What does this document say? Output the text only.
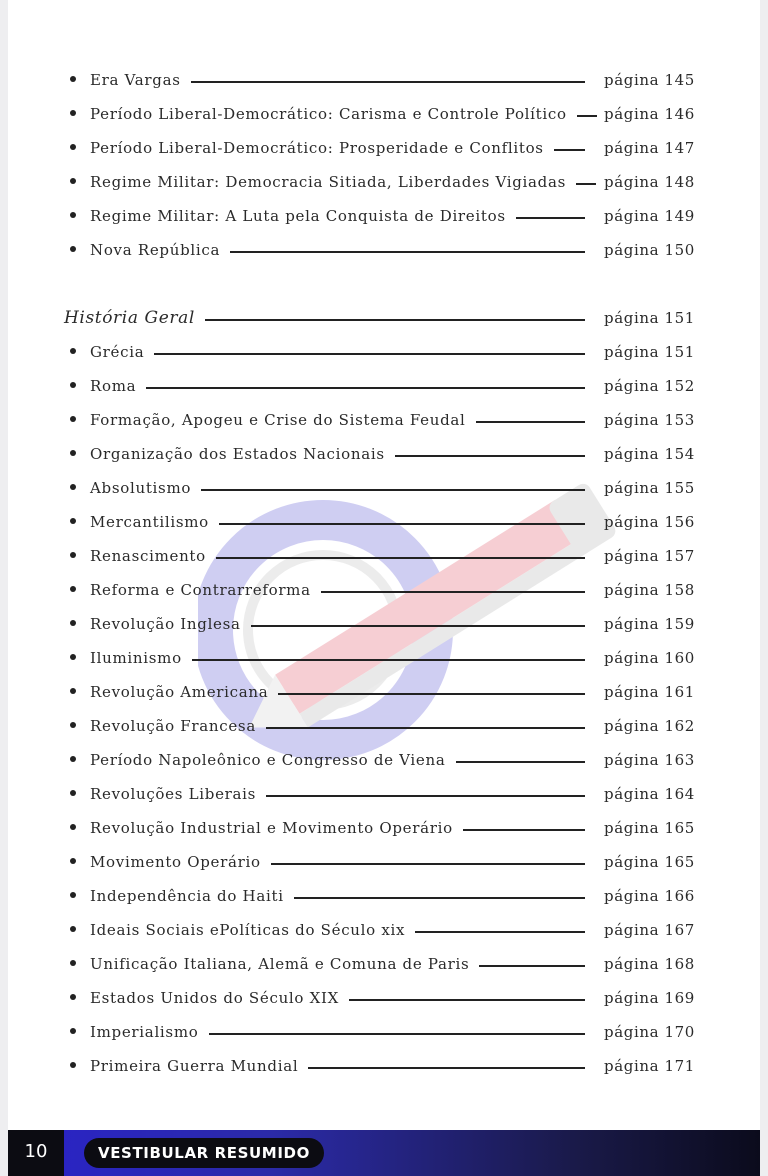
Era Vargas	página 145
Período Liberal-Democrático: Carisma e Controle Político página 146
Período Liberal-Democrático: Prosperidade e Conflitos	página 147
Regime Militar: Democracia Sitiada, Liberdades Vigiadas	página 148
Regime Militar: A Luta pela Conquista de Direitos	página 149
Nova República	página 150
História Geral	página 151
Grécia	página 151
Roma	página 152
Formação, Apogeu e Crise do Sistema Feudal	página 153
Organização dos Estados Nacionais	página 154
Absolutismo	página 155
Mercantilismo	página 156
Renascimento	página 157
Reforma e Contrarreforma	página 158
Revolução Inglesa	página 159
Iluminismo	página 160
Revolução Americana	página 161
Revolução Francesa	página 162
Período Napoleônico e Congresso de Viena	página 163
Revoluções Liberais	página 164
Revolução Industrial e Movimento Operário	página 165
Movimento Operário	página 165
Independência do Haiti	página 166
Ideais Sociais ePolíticas do Século xix	página 167
Unificação Italiana, Alemã e Comuna de Paris	página 168
Estados Unidos do Século XIX	página 169
Imperialismo	página 170
Primeira Guerra Mundial	página 171
10	VESTIBULAR RESUMIDO
